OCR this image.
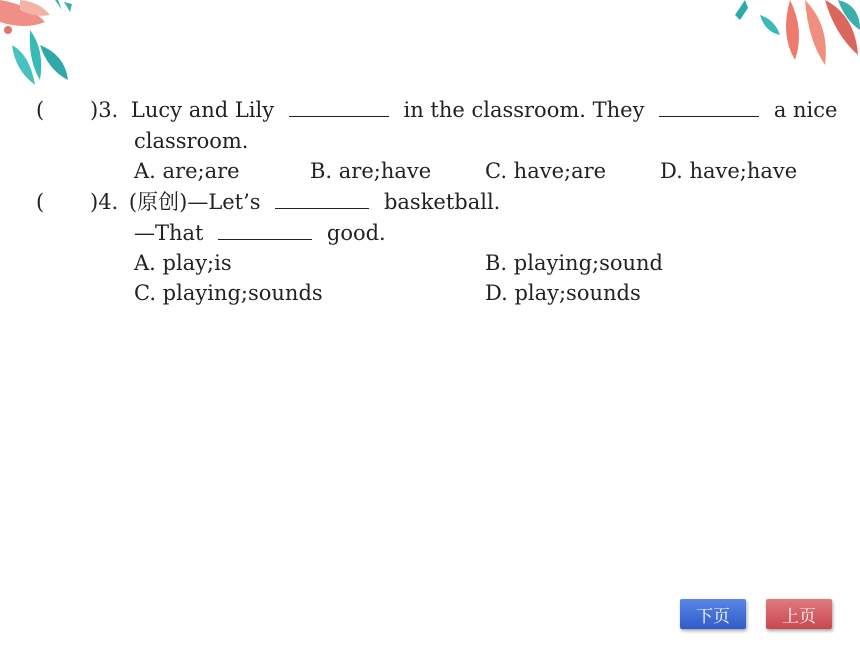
( )3. Lucy and Lily	in the classroom. They	a nice
classroom.
A. are;are	B. are;have	C. have;are	D. have;have
( )4. (原创)—Let’s	basketball.
—That	good.
A. play;is	B. playing;sound
C. playing;sounds	D. play;sounds
下页	上页
